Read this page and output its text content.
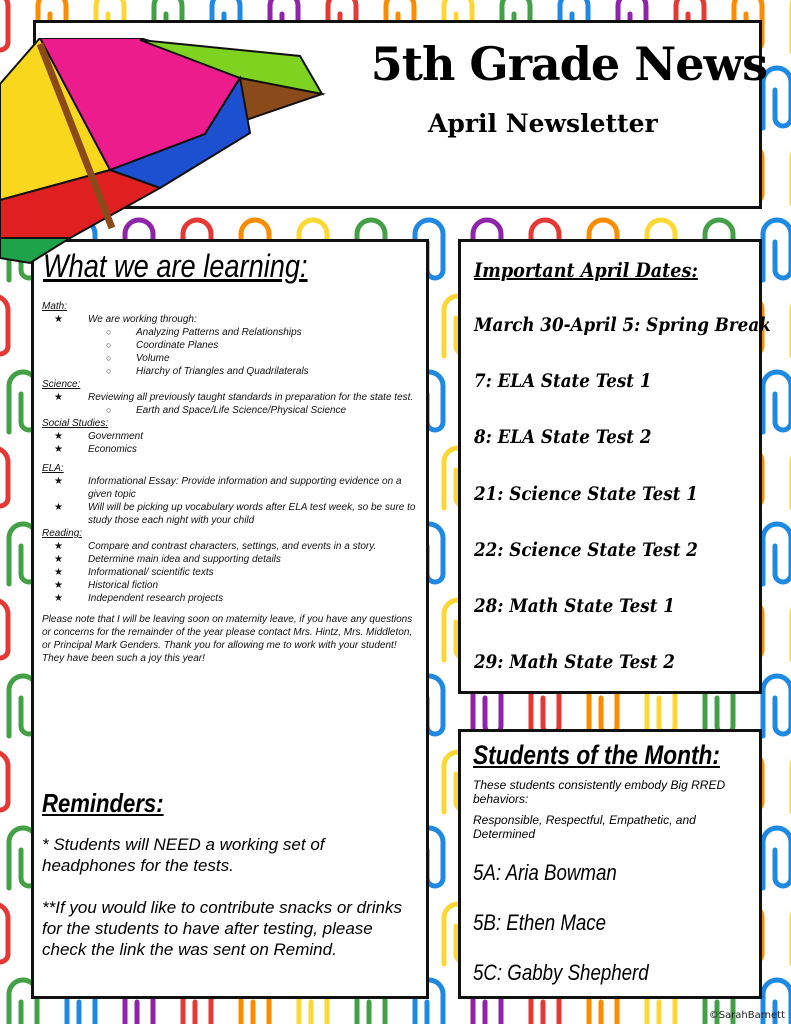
5th Grade News
April Newsletter
What we are learning:

Math:

★	We are working through:

○ Analyzing Patterns and Relationships

○ Coordinate Planes

○ Volume

○ Hiarchy of Triangles and Quadrilaterals

Science:

★	Reviewing all previously taught standards in preparation for the state test.

○ Earth and Space/Life Science/Physical Science

Social Studies:

★	Government

★	Economics

ELA:

★	Informational Essay: Provide information and supporting evidence on a given topic

★	Will will be picking up vocabulary words after ELA test week, so be sure to study those each night with your child

Reading:

★	Compare and contrast characters, settings, and events in a story.

★	Determine main idea and supporting details

★	Informational/ scientific texts

★	Historical fiction

★	Independent research projects

Please note that I will be leaving soon on maternity leave, if you have any questions or concerns for the remainder of the year please contact Mrs. Hintz, Mrs. Middleton, or Principal Mark Genders. Thank you for allowing me to work with your student! They have been such a joy this year!

Reminders:

* Students will NEED a working set of headphones for the tests.

**If you would like to contribute snacks or drinks for the students to have after testing, please check the link the was sent on Remind.

Important April Dates:

March 30-April 5: Spring Break

7: ELA State Test 1

8: ELA State Test 2

21: Science State Test 1

22: Science State Test 2

28: Math State Test 1

29: Math State Test 2

Students of the Month:

These students consistently embody Big RRED behaviors:

Responsible, Respectful, Empathetic, and Determined

5A: Aria Bowman

5B: Ethen Mace

5C: Gabby Shepherd

©SarahBarnett
